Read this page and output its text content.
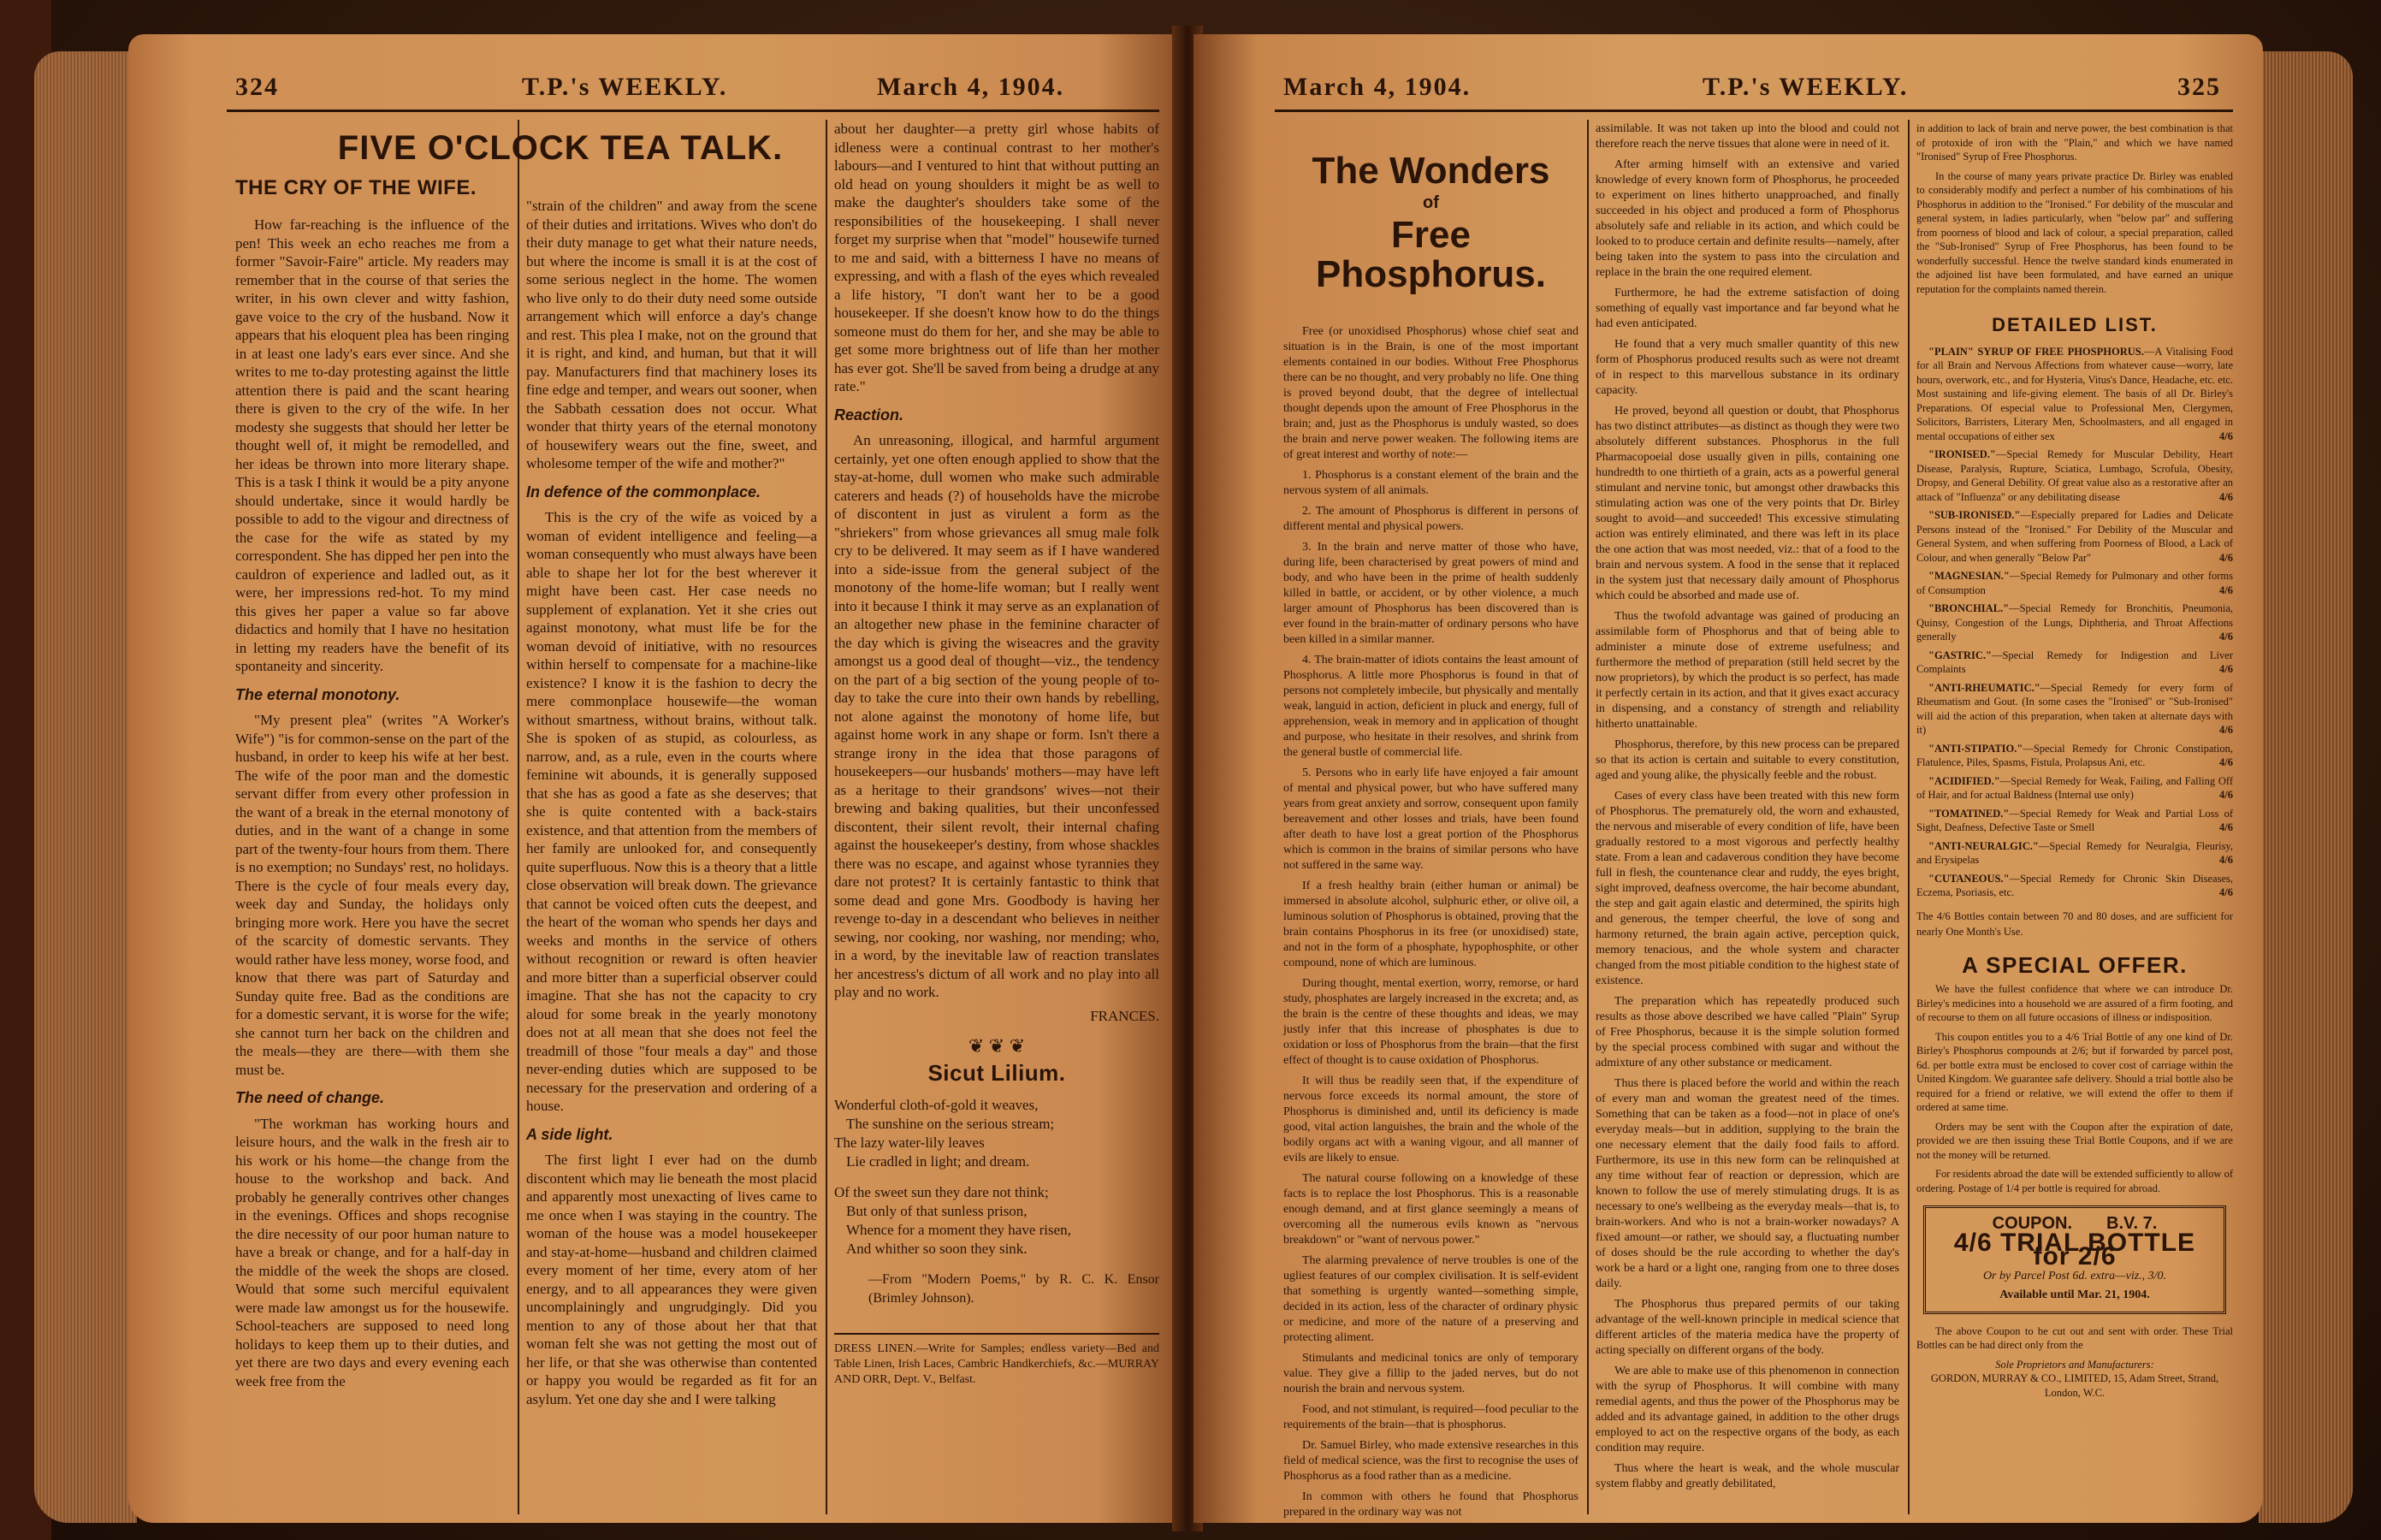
324	T.P.'s WEEKLY.	March 4, 1904.
FIVE O'CLOCK TEA TALK.
THE CRY OF THE WIFE.

How far-reaching is the influence of the pen! This week an echo reaches me from a former "Savoir-Faire" article. My readers may remember that in the course of that series the writer, in his own clever and witty fashion, gave voice to the cry of the husband. Now it appears that his eloquent plea has been ringing in at least one lady's ears ever since. And she writes to me to-day protesting against the little attention there is paid and the scant hearing there is given to the cry of the wife. In her modesty she suggests that should her letter be thought well of, it might be remodelled, and her ideas be thrown into more literary shape. This is a task I think it would be a pity anyone should undertake, since it would hardly be possible to add to the vigour and directness of the case for the wife as stated by my correspondent. She has dipped her pen into the cauldron of experience and ladled out, as it were, her impressions red-hot. To my mind this gives her paper a value so far above didactics and homily that I have no hesitation in letting my readers have the benefit of its spontaneity and sincerity.

The eternal monotony.

"My present plea" (writes "A Worker's Wife") "is for common-sense on the part of the husband, in order to keep his wife at her best. The wife of the poor man and the domestic servant differ from every other profession in the want of a break in the eternal monotony of duties, and in the want of a change in some part of the twenty-four hours from them. There is no exemption; no Sundays' rest, no holidays. There is the cycle of four meals every day, week day and Sunday, the holidays only bringing more work. Here you have the secret of the scarcity of domestic servants. They would rather have less money, worse food, and know that there was part of Saturday and Sunday quite free. Bad as the conditions are for a domestic servant, it is worse for the wife; she cannot turn her back on the children and the meals—they are there—with them she must be.

The need of change.

"The workman has working hours and leisure hours, and the walk in the fresh air to his work or his home—the change from the house to the workshop and back. And probably he generally contrives other changes in the evenings. Offices and shops recognise the dire necessity of our poor human nature to have a break or change, and for a half-day in the middle of the week the shops are closed. Would that some such merciful equivalent were made law amongst us for the housewife. School-teachers are supposed to need long holidays to keep them up to their duties, and yet there are two days and every evening each week free from the

"strain of the children" and away from the scene of their duties and irritations. Wives who don't do their duty manage to get what their nature needs, but where the income is small it is at the cost of some serious neglect in the home. The women who live only to do their duty need some outside arrangement which will enforce a day's change and rest. This plea I make, not on the ground that it is right, and kind, and human, but that it will pay. Manufacturers find that machinery loses its fine edge and temper, and wears out sooner, when the Sabbath cessation does not occur. What wonder that thirty years of the eternal monotony of housewifery wears out the fine, sweet, and wholesome temper of the wife and mother?"

In defence of the commonplace.

This is the cry of the wife as voiced by a woman of evident intelligence and feeling—a woman consequently who must always have been able to shape her lot for the best wherever it might have been cast. Her case needs no supplement of explanation. Yet it she cries out against monotony, what must life be for the woman devoid of initiative, with no resources within herself to compensate for a machine-like existence? I know it is the fashion to decry the mere commonplace housewife—the woman without smartness, without brains, without talk. She is spoken of as stupid, as colourless, as narrow, and, as a rule, even in the courts where feminine wit abounds, it is generally supposed that she has as good a fate as she deserves; that she is quite contented with a back-stairs existence, and that attention from the members of her family are unlooked for, and consequently quite superfluous. Now this is a theory that a little close observation will break down. The grievance that cannot be voiced often cuts the deepest, and the heart of the woman who spends her days and weeks and months in the service of others without recognition or reward is often heavier and more bitter than a superficial observer could imagine. That she has not the capacity to cry aloud for some break in the yearly monotony does not at all mean that she does not feel the treadmill of those "four meals a day" and those never-ending duties which are supposed to be necessary for the preservation and ordering of a house.

A side light.

The first light I ever had on the dumb discontent which may lie beneath the most placid and apparently most unexacting of lives came to me once when I was staying in the country. The woman of the house was a model housekeeper and stay-at-home—husband and children claimed every moment of her time, every atom of her energy, and to all appearances they were given uncomplainingly and ungrudgingly. Did you mention to any of those about her that that woman felt she was not getting the most out of her life, or that she was otherwise than contented or happy you would be regarded as fit for an asylum. Yet one day she and I were talking

about her daughter—a pretty girl whose habits of idleness were a continual contrast to her mother's labours—and I ventured to hint that without putting an old head on young shoulders it might be as well to make the daughter's shoulders take some of the responsibilities of the housekeeping. I shall never forget my surprise when that "model" housewife turned to me and said, with a bitterness I have no means of expressing, and with a flash of the eyes which revealed a life history, "I don't want her to be a good housekeeper. If she doesn't know how to do the things someone must do them for her, and she may be able to get some more brightness out of life than her mother has ever got. She'll be saved from being a drudge at any rate."

Reaction.

An unreasoning, illogical, and harmful argument certainly, yet one often enough applied to show that the stay-at-home, dull women who make such admirable caterers and heads (?) of households have the microbe of discontent in just as virulent a form as the "shriekers" from whose grievances all smug male folk cry to be delivered. It may seem as if I have wandered into a side-issue from the general subject of the monotony of the home-life woman; but I really went into it because I think it may serve as an explanation of an altogether new phase in the feminine character of the day which is giving the wiseacres and the gravity amongst us a good deal of thought—viz., the tendency on the part of a big section of the young people of to-day to take the cure into their own hands by rebelling, not alone against the monotony of home life, but against home work in any shape or form. Isn't there a strange irony in the idea that those paragons of housekeepers—our husbands' mothers—may have left as a heritage to their grandsons' wives—not their brewing and baking qualities, but their unconfessed discontent, their silent revolt, their internal chafing against the housekeeper's destiny, from whose shackles there was no escape, and against whose tyrannies they dare not protest? It is certainly fantastic to think that some dead and gone Mrs. Goodbody is having her revenge to-day in a descendant who believes in neither sewing, nor cooking, nor washing, nor mending; who, in a word, by the inevitable law of reaction translates her ancestress's dictum of all work and no play into all play and no work.

FRANCES.
❦ ❦ ❦
Sicut Lilium.
Wonderful cloth-of-gold it weaves,
The sunshine on the serious stream;
The lazy water-lily leaves
Lie cradled in light; and dream.
Of the sweet sun they dare not think;
But only of that sunless prison,
Whence for a moment they have risen,
And whither so soon they sink.
—From "Modern Poems," by R. C. K. Ensor (Brimley Johnson).
DRESS LINEN.—Write for Samples; endless variety—Bed and Table Linen, Irish Laces, Cambric Handkerchiefs, &c.—MURRAY AND ORR, Dept. V., Belfast.
March 4, 1904.	T.P.'s WEEKLY.	325
The Wonders
of
Free Phosphorus.

Free (or unoxidised Phosphorus) whose chief seat and situation is in the Brain, is one of the most important elements contained in our bodies. Without Free Phosphorus there can be no thought, and very probably no life. One thing is proved beyond doubt, that the degree of intellectual thought depends upon the amount of Free Phosphorus in the brain; and, just as the Phosphorus is unduly wasted, so does the brain and nerve power weaken. The following items are of great interest and worthy of note:—

1. Phosphorus is a constant element of the brain and the nervous system of all animals.

2. The amount of Phosphorus is different in persons of different mental and physical powers.

3. In the brain and nerve matter of those who have, during life, been characterised by great powers of mind and body, and who have been in the prime of health suddenly killed in battle, or accident, or by other violence, a much larger amount of Phosphorus has been discovered than is ever found in the brain-matter of ordinary persons who have been killed in a similar manner.

4. The brain-matter of idiots contains the least amount of Phosphorus. A little more Phosphorus is found in that of persons not completely imbecile, but physically and mentally weak, languid in action, deficient in pluck and energy, full of apprehension, weak in memory and in application of thought and purpose, who hesitate in their resolves, and shrink from the general bustle of commercial life.

5. Persons who in early life have enjoyed a fair amount of mental and physical power, but who have suffered many years from great anxiety and sorrow, consequent upon family bereavement and other losses and trials, have been found after death to have lost a great portion of the Phosphorus which is common in the brains of similar persons who have not suffered in the same way.

If a fresh healthy brain (either human or animal) be immersed in absolute alcohol, sulphuric ether, or olive oil, a luminous solution of Phosphorus is obtained, proving that the brain contains Phosphorus in its free (or unoxidised) state, and not in the form of a phosphate, hypophosphite, or other compound, none of which are luminous.

During thought, mental exertion, worry, remorse, or hard study, phosphates are largely increased in the excreta; and, as the brain is the centre of these thoughts and ideas, we may justly infer that this increase of phosphates is due to oxidation or loss of Phosphorus from the brain—that the first effect of thought is to cause oxidation of Phosphorus.

It will thus be readily seen that, if the expenditure of nervous force exceeds its normal amount, the store of Phosphorus is diminished and, until its deficiency is made good, vital action languishes, the brain and the whole of the bodily organs act with a waning vigour, and all manner of evils are likely to ensue.

The natural course following on a knowledge of these facts is to replace the lost Phosphorus. This is a reasonable enough demand, and at first glance seemingly a means of overcoming all the numerous evils known as "nervous breakdown" or "want of nervous power."

The alarming prevalence of nerve troubles is one of the ugliest features of our complex civilisation. It is self-evident that something is urgently wanted—something simple, decided in its action, less of the character of ordinary physic or medicine, and more of the nature of a preserving and protecting aliment.

Stimulants and medicinal tonics are only of temporary value. They give a fillip to the jaded nerves, but do not nourish the brain and nervous system.

Food, and not stimulant, is required—food peculiar to the requirements of the brain—that is phosphorus.

Dr. Samuel Birley, who made extensive researches in this field of medical science, was the first to recognise the uses of Phosphorus as a food rather than as a medicine.

In common with others he found that Phosphorus prepared in the ordinary way was not

assimilable. It was not taken up into the blood and could not therefore reach the nerve tissues that alone were in need of it.

After arming himself with an extensive and varied knowledge of every known form of Phosphorus, he proceeded to experiment on lines hitherto unapproached, and finally succeeded in his object and produced a form of Phosphorus absolutely safe and reliable in its action, and which could be looked to to produce certain and definite results—namely, after being taken into the system to pass into the circulation and replace in the brain the one required element.

Furthermore, he had the extreme satisfaction of doing something of equally vast importance and far beyond what he had even anticipated.

He found that a very much smaller quantity of this new form of Phosphorus produced results such as were not dreamt of in respect to this marvellous substance in its ordinary capacity.

He proved, beyond all question or doubt, that Phosphorus has two distinct attributes—as distinct as though they were two absolutely different substances. Phosphorus in the full Pharmacopoeial dose usually given in pills, containing one hundredth to one thirtieth of a grain, acts as a powerful general stimulant and nervine tonic, but amongst other drawbacks this stimulating action was one of the very points that Dr. Birley sought to avoid—and succeeded! This excessive stimulating action was entirely eliminated, and there was left in its place the one action that was most needed, viz.: that of a food to the brain and nervous system. A food in the sense that it replaced in the system just that necessary daily amount of Phosphorus which could be absorbed and made use of.

Thus the twofold advantage was gained of producing an assimilable form of Phosphorus and that of being able to administer a minute dose of extreme usefulness; and furthermore the method of preparation (still held secret by the now proprietors), by which the product is so perfect, has made it perfectly certain in its action, and that it gives exact accuracy in dispensing, and a constancy of strength and reliability hitherto unattainable.

Phosphorus, therefore, by this new process can be prepared so that its action is certain and suitable to every constitution, aged and young alike, the physically feeble and the robust.

Cases of every class have been treated with this new form of Phosphorus. The prematurely old, the worn and exhausted, the nervous and miserable of every condition of life, have been gradually restored to a most vigorous and perfectly healthy state. From a lean and cadaverous condition they have become full in flesh, the countenance clear and ruddy, the eyes bright, sight improved, deafness overcome, the hair become abundant, the step and gait again elastic and determined, the spirits high and generous, the temper cheerful, the love of song and harmony returned, the brain again active, perception quick, memory tenacious, and the whole system and character changed from the most pitiable condition to the highest state of existence.

The preparation which has repeatedly produced such results as those above described we have called "Plain" Syrup of Free Phosphorus, because it is the simple solution formed by the special process combined with sugar and without the admixture of any other substance or medicament.

Thus there is placed before the world and within the reach of every man and woman the greatest need of the times. Something that can be taken as a food—not in place of one's everyday meals—but in addition, supplying to the brain the one necessary element that the daily food fails to afford. Furthermore, its use in this new form can be relinquished at any time without fear of reaction or depression, which are known to follow the use of merely stimulating drugs. It is as necessary to one's wellbeing as the everyday meals—that is, to brain-workers. And who is not a brain-worker nowadays? A fixed amount—or rather, we should say, a fluctuating number of doses should be the rule according to whether the day's work be a hard or a light one, ranging from one to three doses daily.

The Phosphorus thus prepared permits of our taking advantage of the well-known principle in medical science that different articles of the materia medica have the property of acting specially on different organs of the body.

We are able to make use of this phenomenon in connection with the syrup of Phosphorus. It will combine with many remedial agents, and thus the power of the Phosphorus may be added and its advantage gained, in addition to the other drugs employed to act on the respective organs of the body, as each condition may require.

Thus where the heart is weak, and the whole muscular system flabby and greatly debilitated,

in addition to lack of brain and nerve power, the best combination is that of protoxide of iron with the "Plain," and which we have named "Ironised" Syrup of Free Phosphorus.

In the course of many years private practice Dr. Birley was enabled to considerably modify and perfect a number of his combinations of his Phosphorus in addition to the "Ironised." For debility of the muscular and general system, in ladies particularly, when "below par" and suffering from poorness of blood and lack of colour, a special preparation, called the "Sub-Ironised" Syrup of Free Phosphorus, has been found to be wonderfully successful. Hence the twelve standard kinds enumerated in the adjoined list have been formulated, and have earned an unique reputation for the complaints named therein.

DETAILED LIST.
"PLAIN" SYRUP OF FREE PHOSPHORUS.—A Vitalising Food for all Brain and Nervous Affections from whatever cause—worry, late hours, overwork, etc., and for Hysteria, Vitus's Dance, Headache, etc. etc. Most sustaining and life-giving element. The basis of all Dr. Birley's Preparations. Of especial value to Professional Men, Clergymen, Solicitors, Barristers, Literary Men, Schoolmasters, and all engaged in mental occupations of either sex	4/6
"IRONISED."—Special Remedy for Muscular Debility, Heart Disease, Paralysis, Rupture, Sciatica, Lumbago, Scrofula, Obesity, Dropsy, and General Debility. Of great value also as a restorative after an attack of "Influenza" or any debilitating disease	4/6
"SUB-IRONISED."—Especially prepared for Ladies and Delicate Persons instead of the "Ironised." For Debility of the Muscular and General System, and when suffering from Poorness of Blood, a Lack of Colour, and when generally "Below Par"	4/6
"MAGNESIAN."—Special Remedy for Pulmonary and other forms of Consumption	4/6
"BRONCHIAL."—Special Remedy for Bronchitis, Pneumonia, Quinsy, Congestion of the Lungs, Diphtheria, and Throat Affections generally	4/6
"GASTRIC."—Special Remedy for Indigestion and Liver Complaints	4/6
"ANTI-RHEUMATIC."—Special Remedy for every form of Rheumatism and Gout. (In some cases the "Ironised" or "Sub-Ironised" will aid the action of this preparation, when taken at alternate days with it)	4/6
"ANTI-STIPATIO."—Special Remedy for Chronic Constipation, Flatulence, Piles, Spasms, Fistula, Prolapsus Ani, etc.	4/6
"ACIDIFIED."—Special Remedy for Weak, Failing, and Falling Off of Hair, and for actual Baldness (Internal use only)	4/6
"TOMATINED."—Special Remedy for Weak and Partial Loss of Sight, Deafness, Defective Taste or Smell	4/6
"ANTI-NEURALGIC."—Special Remedy for Neuralgia, Fleurisy, and Erysipelas	4/6
"CUTANEOUS."—Special Remedy for Chronic Skin Diseases, Eczema, Psoriasis, etc.	4/6
The 4/6 Bottles contain between 70 and 80 doses, and are sufficient for nearly One Month's Use.
A SPECIAL OFFER.

We have the fullest confidence that where we can introduce Dr. Birley's medicines into a household we are assured of a firm footing, and of recourse to them on all future occasions of illness or indisposition.

This coupon entitles you to a 4/6 Trial Bottle of any one kind of Dr. Birley's Phosphorus compounds at 2/6; but if forwarded by parcel post, 6d. per bottle extra must be enclosed to cover cost of carriage within the United Kingdom. We guarantee safe delivery. Should a trial bottle also be required for a friend or relative, we will extend the offer to them if ordered at same time.

Orders may be sent with the Coupon after the expiration of date, provided we are then issuing these Trial Bottle Coupons, and if we are not the money will be returned.

For residents abroad the date will be extended sufficiently to allow of ordering. Postage of 1/4 per bottle is required for abroad.

COUPON. B.V. 7.
4/6 TRIAL BOTTLE for 2/6
Or by Parcel Post 6d. extra—viz., 3/0.
Available until Mar. 21, 1904.

The above Coupon to be cut out and sent with order. These Trial Bottles can be had direct only from the

Sole Proprietors and Manufacturers:
GORDON, MURRAY & CO., LIMITED, 15, Adam Street, Strand, London, W.C.
